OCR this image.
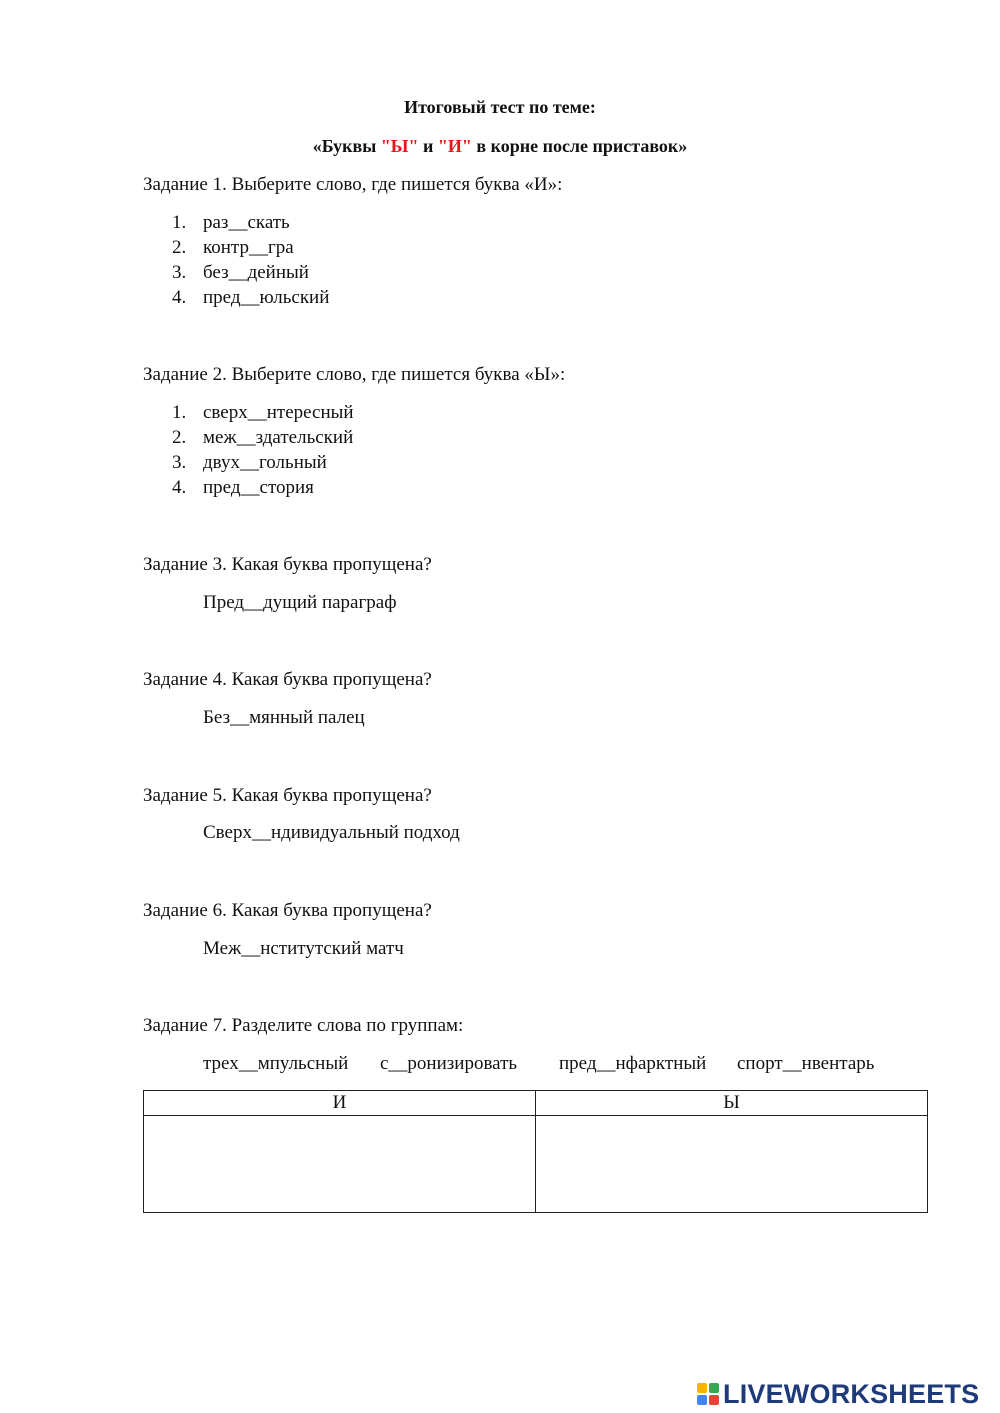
Итоговый тест по теме:
«Буквы "Ы" и "И" в корне после приставок»
Задание 1. Выберите слово, где пишется буква «И»:
1. раз__скать
2. контр__гра
3. без__дейный
4. пред__юльский
Задание 2. Выберите слово, где пишется буква «Ы»:
1. сверх__нтересный
2. меж__здательский
3. двух__гольный
4. пред__стория
Задание 3. Какая буква пропущена?
Пред__дущий параграф
Задание 4. Какая буква пропущена?
Без__мянный палец
Задание 5. Какая буква пропущена?
Сверх__ндивидуальный подход
Задание 6. Какая буква пропущена?
Меж__нститутский матч
Задание 7. Разделите слова по группам:
трех__мпульсный с__ронизировать пред__нфарктный спорт__нвентарь
И	Ы

LIVEWORKSHEETS
